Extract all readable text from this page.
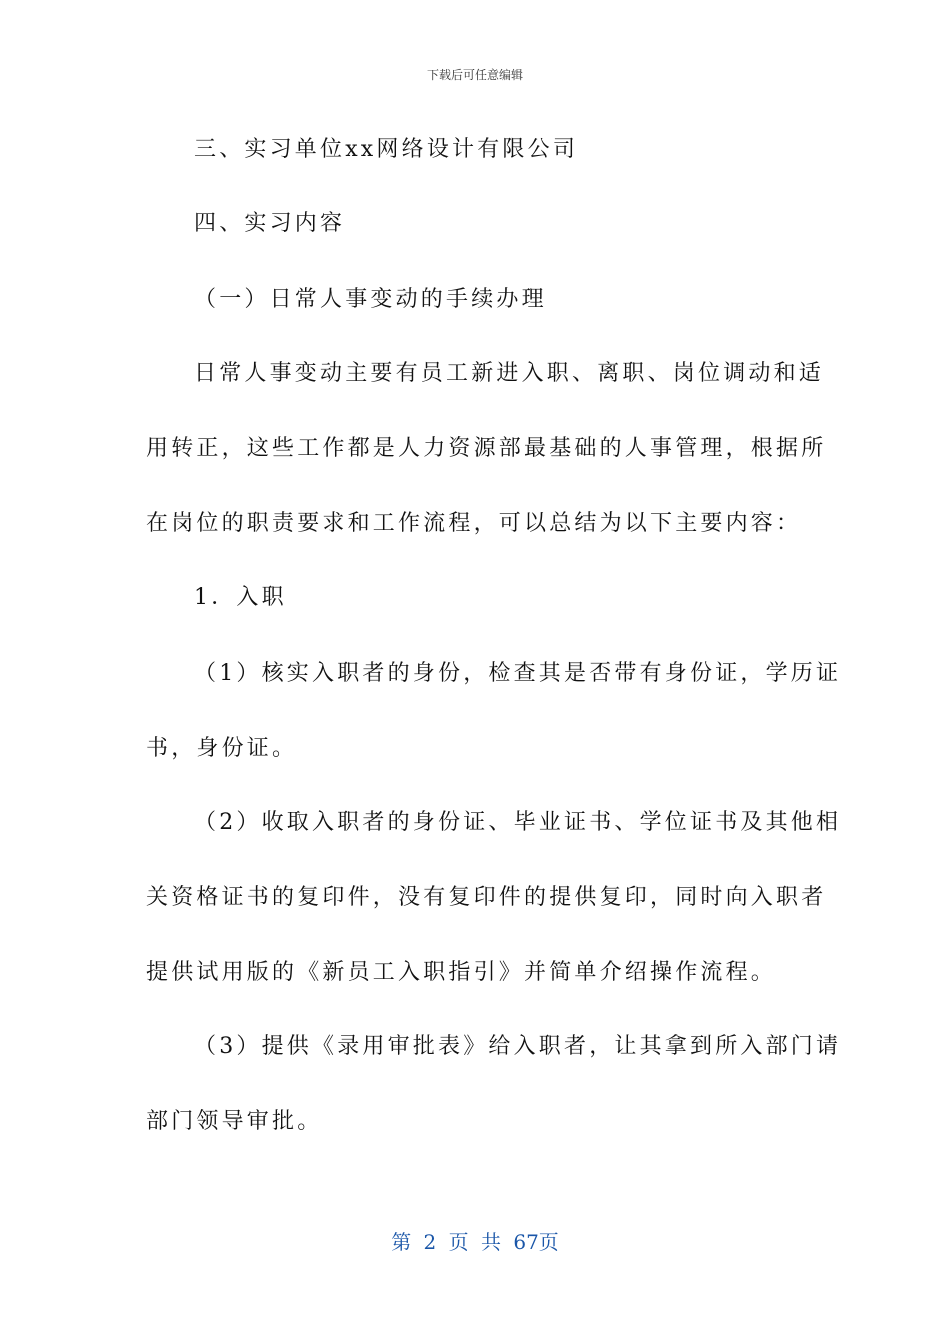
下载后可任意编辑
三、实习单位xx网络设计有限公司
四、实习内容
（一）日常人事变动的手续办理
日常人事变动主要有员工新进入职、离职、岗位调动和适
用转正，这些工作都是人力资源部最基础的人事管理，根据所
在岗位的职责要求和工作流程，可以总结为以下主要内容：
1．入职
（1）核实入职者的身份，检查其是否带有身份证，学历证
书，身份证。
（2）收取入职者的身份证、毕业证书、学位证书及其他相
关资格证书的复印件，没有复印件的提供复印，同时向入职者
提供试用版的《新员工入职指引》并简单介绍操作流程。
（3）提供《录用审批表》给入职者，让其拿到所入部门请
部门领导审批。
第 2 页 共 67页
